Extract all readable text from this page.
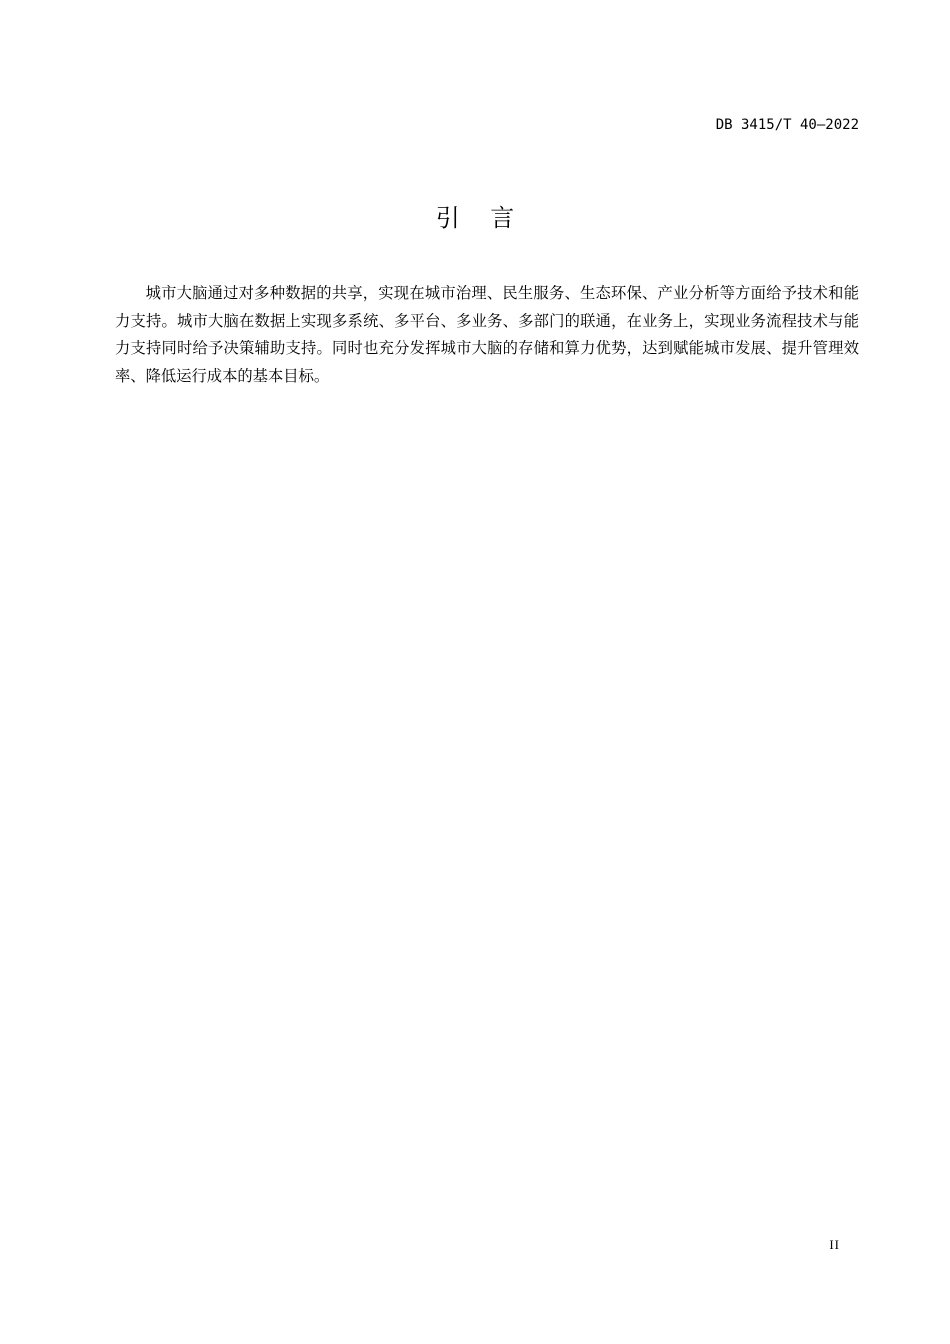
DB 3415/T 40—2022
引    言

城市大脑通过对多种数据的共享，实现在城市治理、民生服务、生态环保、产业分析等方面给予技术和能力支持。城市大脑在数据上实现多系统、多平台、多业务、多部门的联通，在业务上，实现业务流程技术与能力支持同时给予决策辅助支持。同时也充分发挥城市大脑的存储和算力优势，达到赋能城市发展、提升管理效率、降低运行成本的基本目标。

II
